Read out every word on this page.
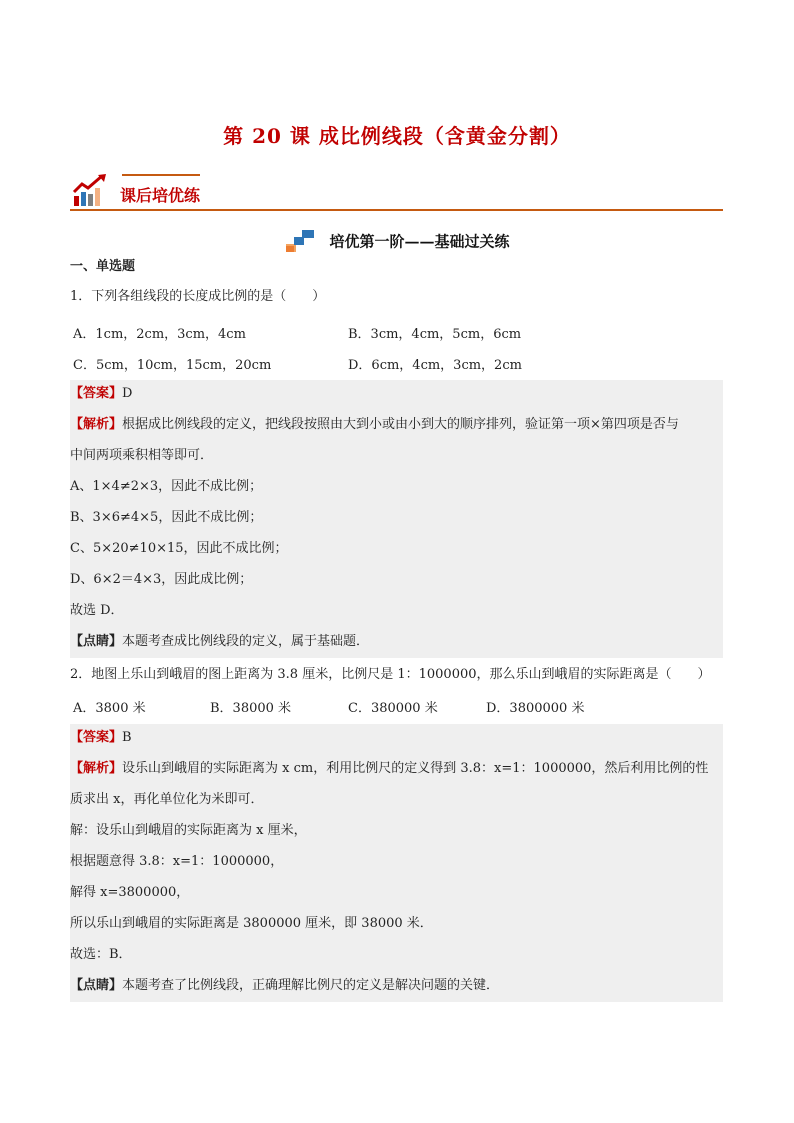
第 20 课 成比例线段（含黄金分割）
课后培优练
培优第一阶——基础过关练
一、单选题
1．下列各组线段的长度成比例的是（　　）
A．1cm，2cm，3cm，4cm	B．3cm，4cm，5cm，6cm
C．5cm，10cm，15cm，20cm	D．6cm，4cm，3cm，2cm
【答案】D
【解析】根据成比例线段的定义，把线段按照由大到小或由小到大的顺序排列，验证第一项×第四项是否与
中间两项乘积相等即可．
A、1×4≠2×3，因此不成比例；
B、3×6≠4×5，因此不成比例；
C、5×20≠10×15，因此不成比例；
D、6×2＝4×3，因此成比例；
故选 D．
【点睛】本题考查成比例线段的定义，属于基础题．
2．地图上乐山到峨眉的图上距离为 3.8 厘米，比例尺是 1：1000000，那么乐山到峨眉的实际距离是（　　）
A．3800 米	B．38000 米	C．380000 米	D．3800000 米
【答案】B
【解析】设乐山到峨眉的实际距离为 x cm，利用比例尺的定义得到 3.8：x=1：1000000，然后利用比例的性
质求出 x，再化单位化为米即可．
解：设乐山到峨眉的实际距离为 x 厘米，
根据题意得 3.8：x=1：1000000，
解得 x=3800000，
所以乐山到峨眉的实际距离是 3800000 厘米，即 38000 米．
故选：B．
【点睛】本题考查了比例线段，正确理解比例尺的定义是解决问题的关键．
